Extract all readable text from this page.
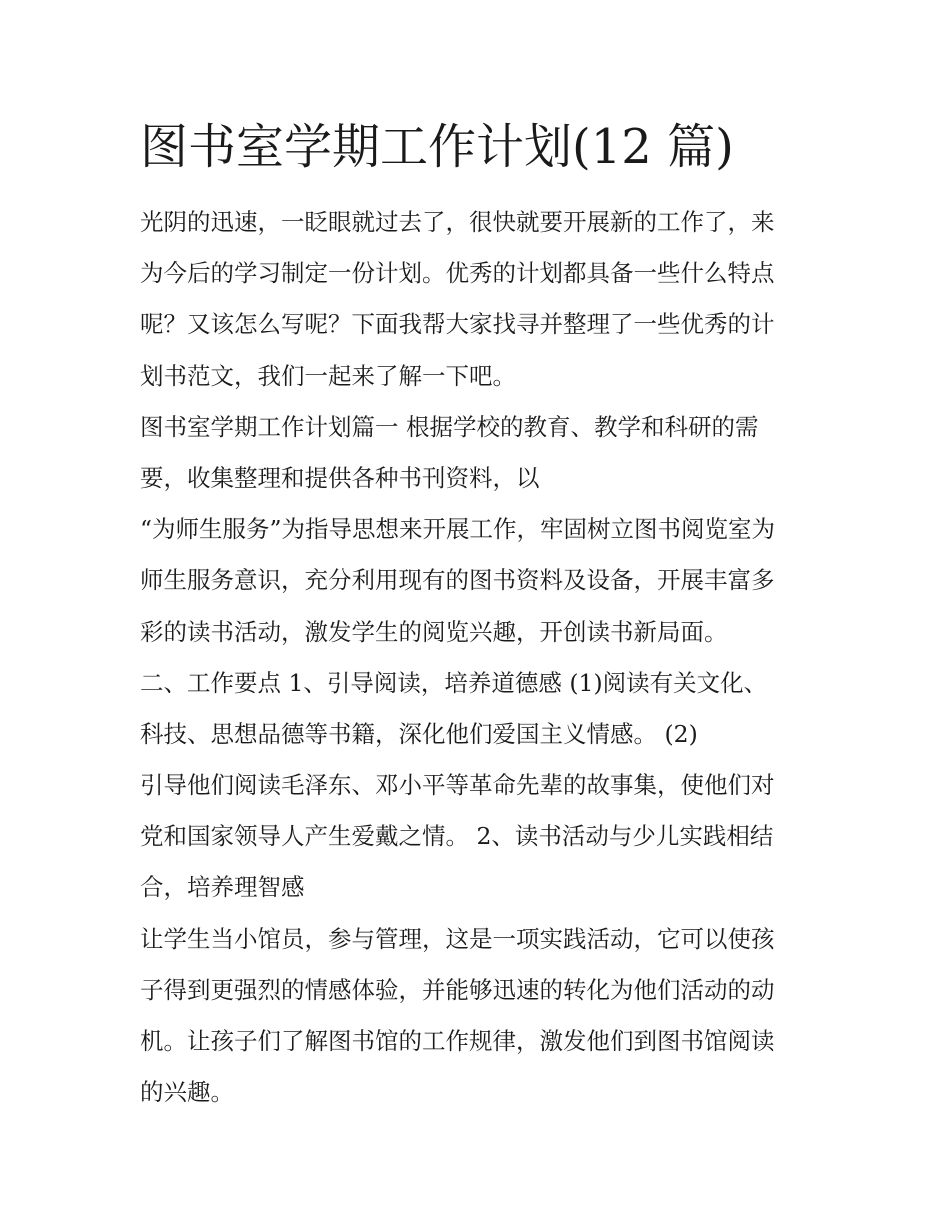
图书室学期工作计划(12 篇)
光阴的迅速，一眨眼就过去了，很快就要开展新的工作了，来
为今后的学习制定一份计划。优秀的计划都具备一些什么特点
呢？又该怎么写呢？下面我帮大家找寻并整理了一些优秀的计
划书范文，我们一起来了解一下吧。
图书室学期工作计划篇一 根据学校的教育、教学和科研的需
要，收集整理和提供各种书刊资料，以
“为师生服务”为指导思想来开展工作，牢固树立图书阅览室为
师生服务意识，充分利用现有的图书资料及设备，开展丰富多
彩的读书活动，激发学生的阅览兴趣，开创读书新局面。
二、工作要点 1、引导阅读，培养道德感 (1)阅读有关文化、
科技、思想品德等书籍，深化他们爱国主义情感。 (2)
引导他们阅读毛泽东、邓小平等革命先辈的故事集，使他们对
党和国家领导人产生爱戴之情。 2、读书活动与少儿实践相结
合，培养理智感
让学生当小馆员，参与管理，这是一项实践活动，它可以使孩
子得到更强烈的情感体验，并能够迅速的转化为他们活动的动
机。让孩子们了解图书馆的工作规律，激发他们到图书馆阅读
的兴趣。
